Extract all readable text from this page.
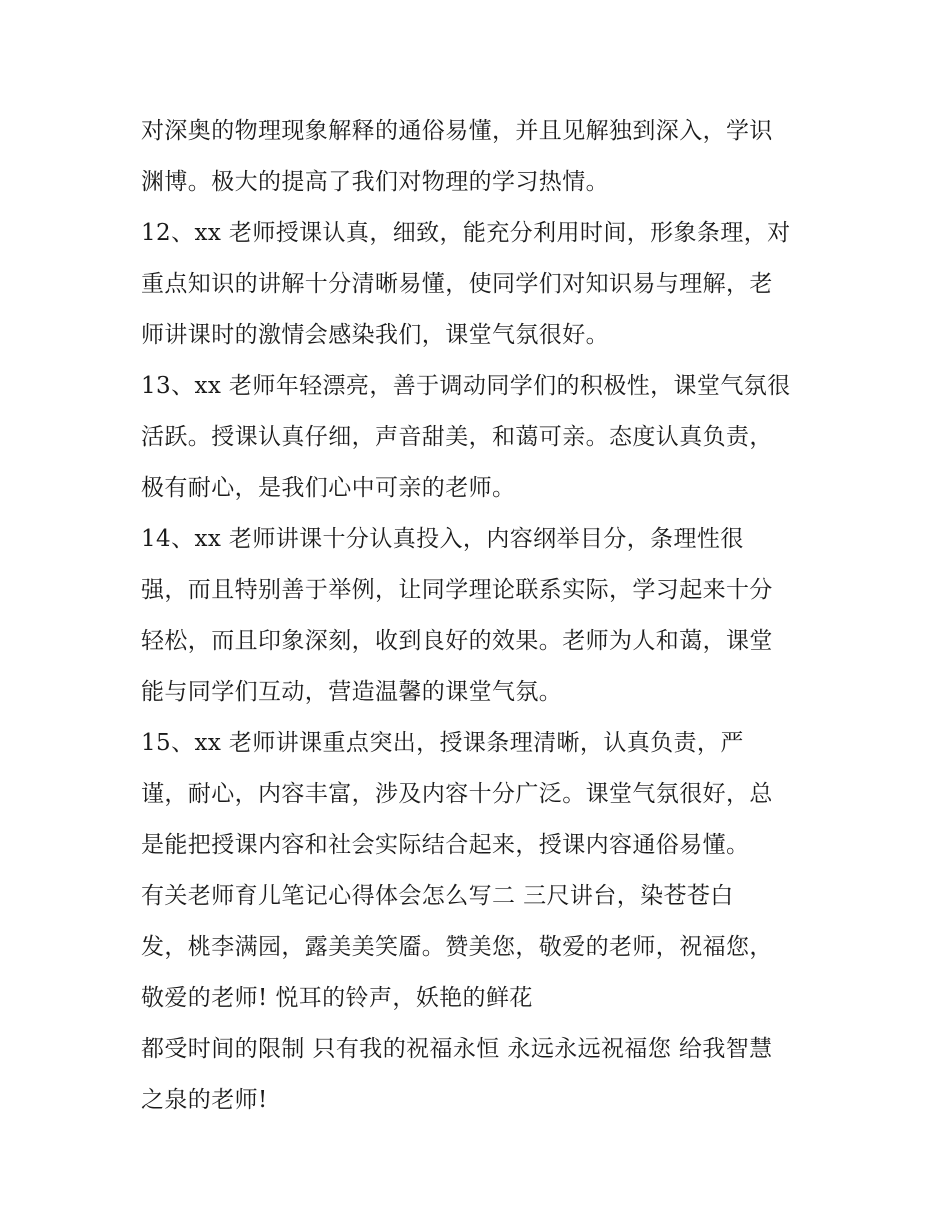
对深奥的物理现象解释的通俗易懂，并且见解独到深入，学识
渊博。极大的提高了我们对物理的学习热情。
12、xx 老师授课认真，细致，能充分利用时间，形象条理，对
重点知识的讲解十分清晰易懂，使同学们对知识易与理解，老
师讲课时的激情会感染我们，课堂气氛很好。
13、xx 老师年轻漂亮，善于调动同学们的积极性，课堂气氛很
活跃。授课认真仔细，声音甜美，和蔼可亲。态度认真负责，
极有耐心，是我们心中可亲的老师。
14、xx 老师讲课十分认真投入，内容纲举目分，条理性很
强，而且特别善于举例，让同学理论联系实际，学习起来十分
轻松，而且印象深刻，收到良好的效果。老师为人和蔼，课堂
能与同学们互动，营造温馨的课堂气氛。
15、xx 老师讲课重点突出，授课条理清晰，认真负责，严
谨，耐心，内容丰富，涉及内容十分广泛。课堂气氛很好，总
是能把授课内容和社会实际结合起来，授课内容通俗易懂。
有关老师育儿笔记心得体会怎么写二 三尺讲台，染苍苍白
发，桃李满园，露美美笑靥。赞美您，敬爱的老师，祝福您，
敬爱的老师! 悦耳的铃声，妖艳的鲜花
都受时间的限制 只有我的祝福永恒 永远永远祝福您 给我智慧
之泉的老师!
